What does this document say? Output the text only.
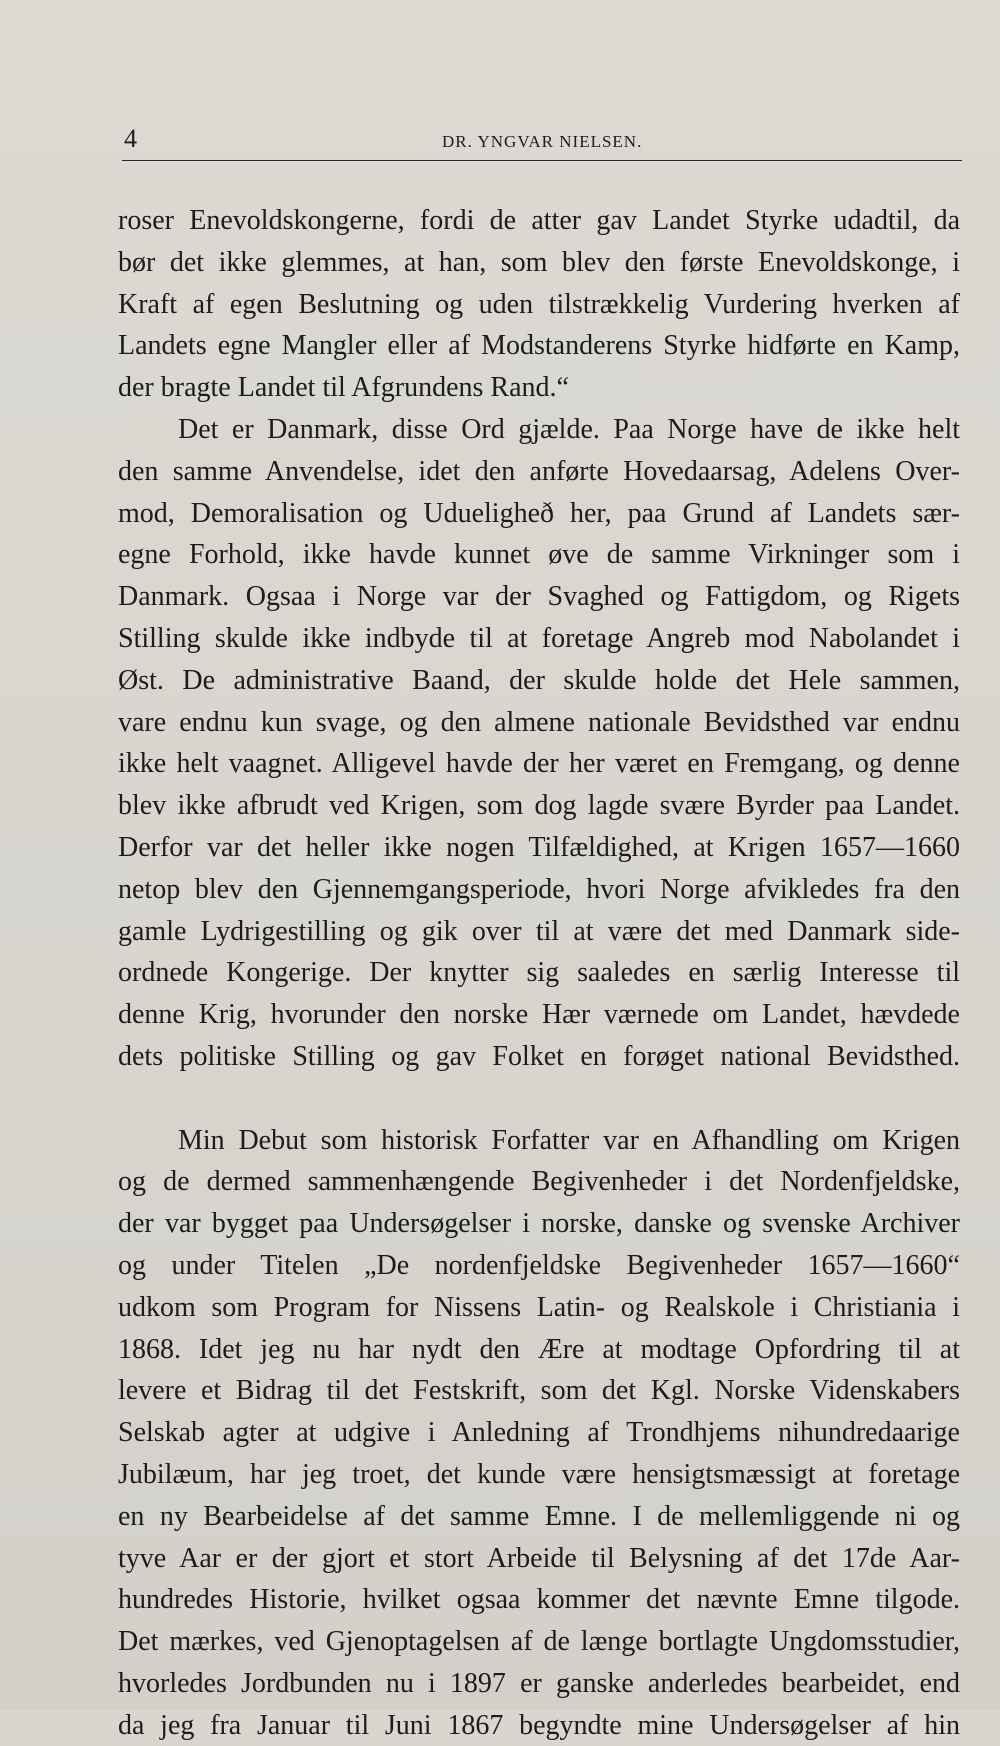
4	DR. YNGVAR NIELSEN.
roser Enevoldskongerne, fordi de atter gav Landet Styrke udadtil, da
bør det ikke glemmes, at han, som blev den første Enevoldskonge, i
Kraft af egen Beslutning og uden tilstrækkelig Vurdering hverken af
Landets egne Mangler eller af Modstanderens Styrke hidførte en Kamp,
der bragte Landet til Afgrundens Rand.“
Det er Danmark, disse Ord gjælde. Paa Norge have de ikke helt
den samme Anvendelse, idet den anførte Hovedaarsag, Adelens Over-
mod, Demoralisation og Udueligheð her, paa Grund af Landets sær-
egne Forhold, ikke havde kunnet øve de samme Virkninger som i
Danmark. Ogsaa i Norge var der Svaghed og Fattigdom, og Rigets
Stilling skulde ikke indbyde til at foretage Angreb mod Nabolandet i
Øst. De administrative Baand, der skulde holde det Hele sammen,
vare endnu kun svage, og den almene nationale Bevidsthed var endnu
ikke helt vaagnet. Alligevel havde der her været en Fremgang, og denne
blev ikke afbrudt ved Krigen, som dog lagde svære Byrder paa Landet.
Derfor var det heller ikke nogen Tilfældighed, at Krigen 1657—1660
netop blev den Gjennemgangsperiode, hvori Norge afvikledes fra den
gamle Lydrigestilling og gik over til at være det med Danmark side-
ordnede Kongerige. Der knytter sig saaledes en særlig Interesse til
denne Krig, hvorunder den norske Hær værnede om Landet, hævdede
dets politiske Stilling og gav Folket en forøget national Bevidsthed.
Min Debut som historisk Forfatter var en Afhandling om Krigen
og de dermed sammenhængende Begivenheder i det Nordenfjeldske,
der var bygget paa Undersøgelser i norske, danske og svenske Archiver
og under Titelen „De nordenfjeldske Begivenheder 1657—1660“
udkom som Program for Nissens Latin- og Realskole i Christiania i
1868. Idet jeg nu har nydt den Ære at modtage Opfordring til at
levere et Bidrag til det Festskrift, som det Kgl. Norske Videnskabers
Selskab agter at udgive i Anledning af Trondhjems nihundredaarige
Jubilæum, har jeg troet, det kunde være hensigtsmæssigt at foretage
en ny Bearbeidelse af det samme Emne. I de mellemliggende ni og
tyve Aar er der gjort et stort Arbeide til Belysning af det 17de Aar-
hundredes Historie, hvilket ogsaa kommer det nævnte Emne tilgode.
Det mærkes, ved Gjenoptagelsen af de længe bortlagte Ungdomsstudier,
hvorledes Jordbunden nu i 1897 er ganske anderledes bearbeidet, end
da jeg fra Januar til Juni 1867 begyndte mine Undersøgelser af hin
